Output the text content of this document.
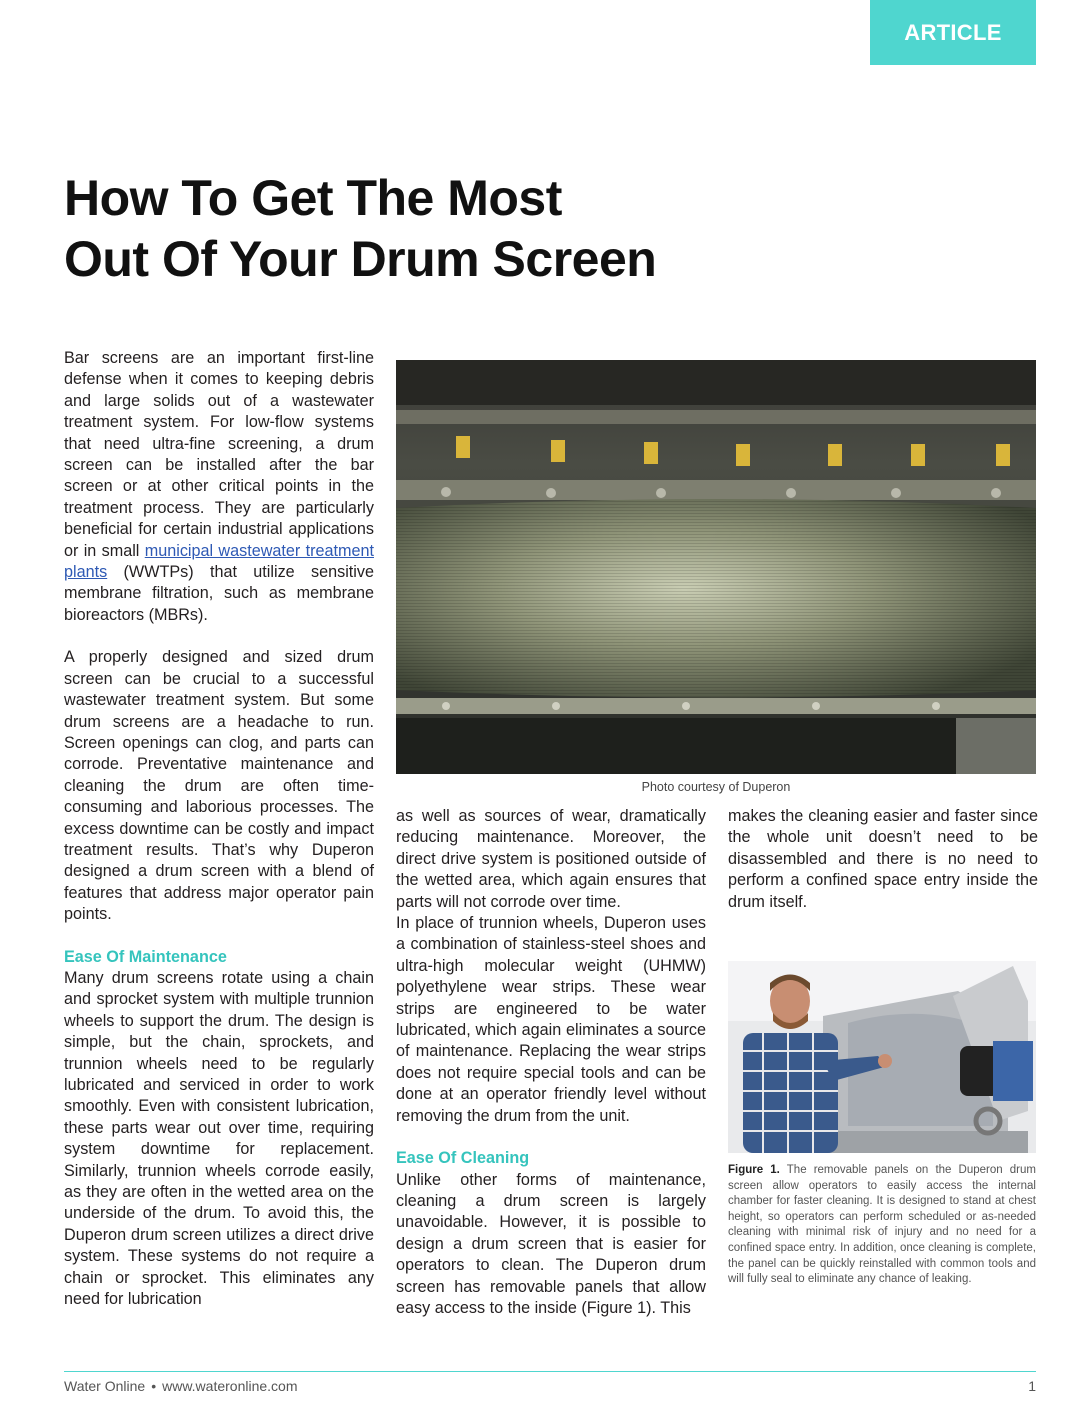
ARTICLE
How To Get The Most
Out Of Your Drum Screen

Bar screens are an important first-line defense when it comes to keeping debris and large solids out of a wastewater treatment system. For low-flow systems that need ultra-fine screening, a drum screen can be installed after the bar screen or at other critical points in the treatment process. They are particularly beneficial for certain industrial applications or in small municipal wastewater treatment plants (WWTPs) that utilize sensitive membrane filtration, such as membrane bioreactors (MBRs).

A properly designed and sized drum screen can be crucial to a successful wastewater treatment system. But some drum screens are a headache to run. Screen openings can clog, and parts can corrode. Preventative maintenance and cleaning the drum are often time-consuming and laborious processes. The excess downtime can be costly and impact treatment results. That’s why Duperon designed a drum screen with a blend of features that address major operator pain points.

Ease Of Maintenance

Many drum screens rotate using a chain and sprocket system with multiple trunnion wheels to support the drum. The design is simple, but the chain, sprockets, and trunnion wheels need to be regularly lubricated and serviced in order to work smoothly. Even with consistent lubrication, these parts wear out over time, requiring system downtime for replacement. Similarly, trunnion wheels corrode easily, as they are often in the wetted area on the underside of the drum. To avoid this, the Duperon drum screen utilizes a direct drive system. These systems do not require a chain or sprocket. This eliminates any need for lubrication

Photo courtesy of Duperon

as well as sources of wear, dramatically reducing maintenance. Moreover, the direct drive system is positioned outside of the wetted area, which again ensures that parts will not corrode over time.

In place of trunnion wheels, Duperon uses a combination of stainless-steel shoes and ultra-high molecular weight (UHMW) polyethylene wear strips. These wear strips are engineered to be water lubricated, which again eliminates a source of maintenance. Replacing the wear strips does not require special tools and can be done at an operator friendly level without removing the drum from the unit.

Ease Of Cleaning

Unlike other forms of maintenance, cleaning a drum screen is largely unavoidable. However, it is possible to design a drum screen that is easier for operators to clean. The Duperon drum screen has removable panels that allow easy access to the inside (Figure 1). This

makes the cleaning easier and faster since the whole unit doesn’t need to be disassembled and there is no need to perform a confined space entry inside the drum itself.

Figure 1. The removable panels on the Duperon drum screen allow operators to easily access the internal chamber for faster cleaning. It is designed to stand at chest height, so operators can perform scheduled or as-needed cleaning with minimal risk of injury and no need for a confined space entry. In addition, once cleaning is complete, the panel can be quickly reinstalled with common tools and will fully seal to eliminate any chance of leaking.
Water Online • www.wateronline.com	1
